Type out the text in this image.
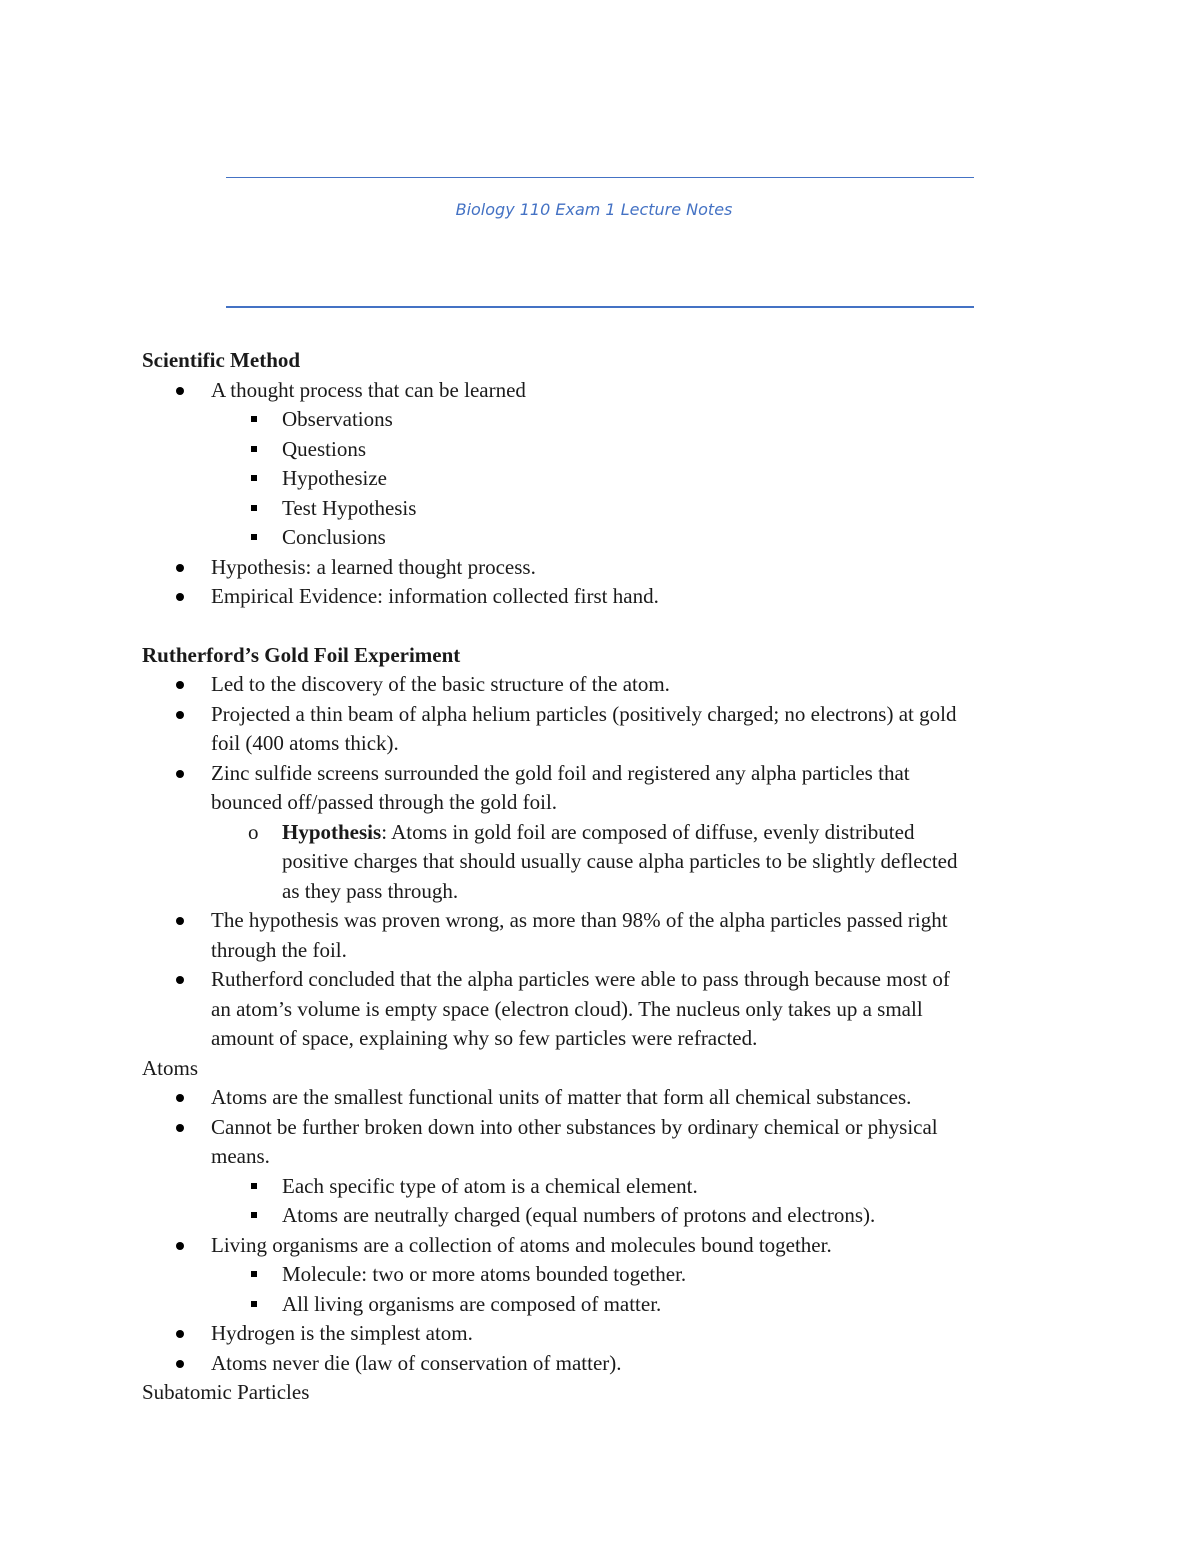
Biology 110 Exam 1 Lecture Notes
Scientific Method
A thought process that can be learned
Observations
Questions
Hypothesize
Test Hypothesis
Conclusions
Hypothesis: a learned thought process.
Empirical Evidence: information collected first hand.
Rutherford’s Gold Foil Experiment
Led to the discovery of the basic structure of the atom.
Projected a thin beam of alpha helium particles (positively charged; no electrons) at gold
foil (400 atoms thick).
Zinc sulfide screens surrounded the gold foil and registered any alpha particles that
bounced off/passed through the gold foil.
o Hypothesis: Atoms in gold foil are composed of diffuse, evenly distributed
positive charges that should usually cause alpha particles to be slightly deflected
as they pass through.
The hypothesis was proven wrong, as more than 98% of the alpha particles passed right
through the foil.
Rutherford concluded that the alpha particles were able to pass through because most of
an atom’s volume is empty space (electron cloud). The nucleus only takes up a small
amount of space, explaining why so few particles were refracted.
Atoms
Atoms are the smallest functional units of matter that form all chemical substances.
Cannot be further broken down into other substances by ordinary chemical or physical
means.
Each specific type of atom is a chemical element.
Atoms are neutrally charged (equal numbers of protons and electrons).
Living organisms are a collection of atoms and molecules bound together.
Molecule: two or more atoms bounded together.
All living organisms are composed of matter.
Hydrogen is the simplest atom.
Atoms never die (law of conservation of matter).
Subatomic Particles
